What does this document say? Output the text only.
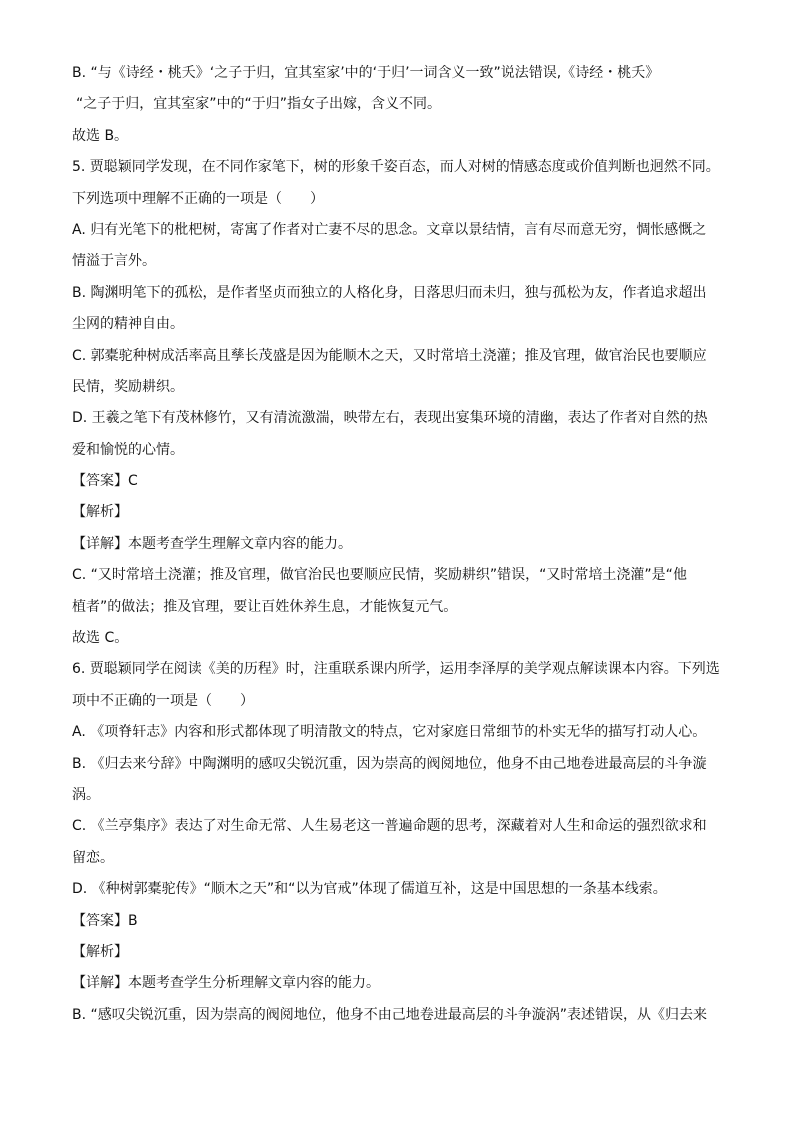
B. “与《诗经・桃夭》‘之子于归，宜其室家’中的‘于归’一词含义一致”说法错误,《诗经・桃夭》
“之子于归，宜其室家”中的“于归”指女子出嫁，含义不同。
故选 B。
5. 贾聪颖同学发现，在不同作家笔下，树的形象千姿百态，而人对树的情感态度或价值判断也迥然不同。
下列选项中理解不正确的一项是（　　）
A. 归有光笔下的枇杷树，寄寓了作者对亡妻不尽的思念。文章以景结情，言有尽而意无穷，惆怅感慨之
情溢于言外。
B. 陶渊明笔下的孤松，是作者坚贞而独立的人格化身，日落思归而未归，独与孤松为友，作者追求超出
尘网的精神自由。
C. 郭橐驼种树成活率高且孳长茂盛是因为能顺木之天，又时常培土浇灌；推及官理，做官治民也要顺应
民情，奖励耕织。
D. 王羲之笔下有茂林修竹，又有清流激湍，映带左右，表现出宴集环境的清幽，表达了作者对自然的热
爱和愉悦的心情。
【答案】C
【解析】
【详解】本题考查学生理解文章内容的能力。
C. “又时常培土浇灌；推及官理，做官治民也要顺应民情，奖励耕织”错误，“又时常培土浇灌”是“他
植者”的做法；推及官理，要让百姓休养生息，才能恢复元气。
故选 C。
6. 贾聪颖同学在阅读《美的历程》时，注重联系课内所学，运用李泽厚的美学观点解读课本内容。下列选
项中不正确的一项是（　　）
A. 《项脊轩志》内容和形式都体现了明清散文的特点，它对家庭日常细节的朴实无华的描写打动人心。
B. 《归去来兮辞》中陶渊明的感叹尖锐沉重，因为崇高的阀阅地位，他身不由己地卷进最高层的斗争漩
涡。
C. 《兰亭集序》表达了对生命无常、人生易老这一普遍命题的思考，深藏着对人生和命运的强烈欲求和
留恋。
D. 《种树郭橐驼传》“顺木之天”和“以为官戒”体现了儒道互补，这是中国思想的一条基本线索。
【答案】B
【解析】
【详解】本题考查学生分析理解文章内容的能力。
B. “感叹尖锐沉重，因为崇高的阀阅地位，他身不由己地卷进最高层的斗争漩涡”表述错误，从《归去来
